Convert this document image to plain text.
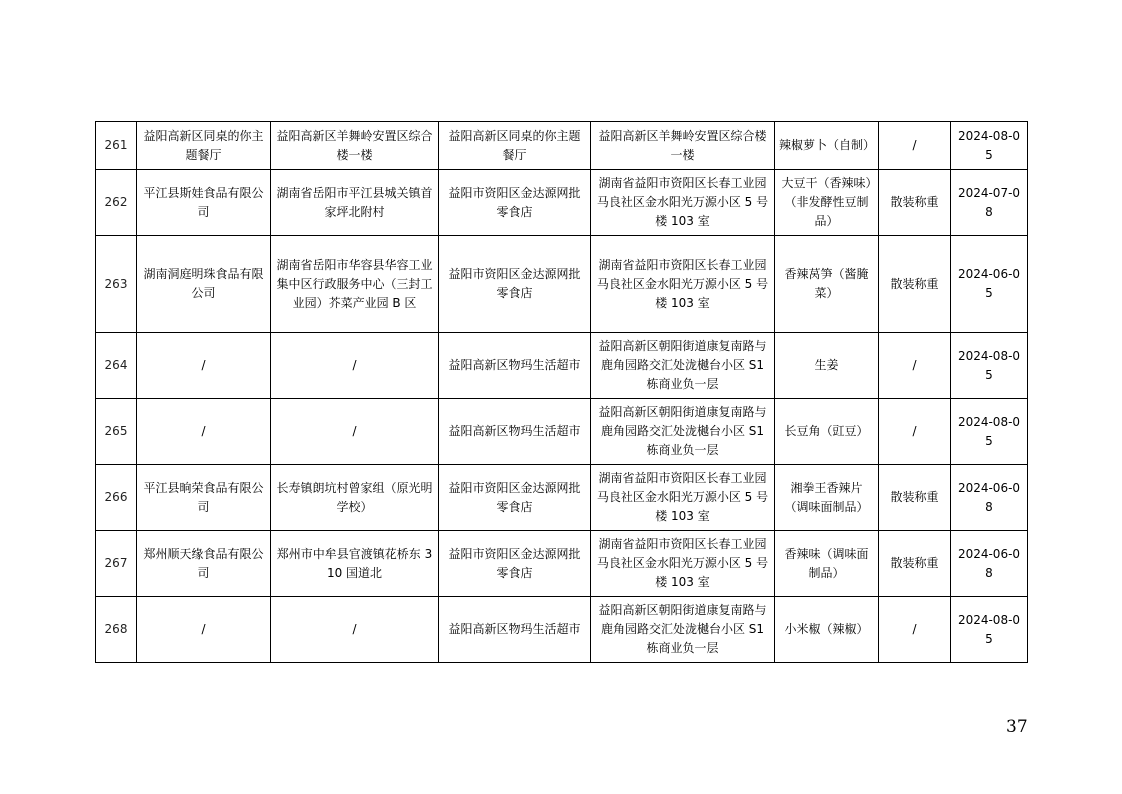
261	益阳高新区同桌的你主题餐厅	益阳高新区羊舞岭安置区综合楼一楼	益阳高新区同桌的你主题餐厅	益阳高新区羊舞岭安置区综合楼一楼	辣椒萝卜（自制）	/	2024-08-05
262	平江县斯娃食品有限公司	湖南省岳阳市平江县城关镇首家坪北附村	益阳市资阳区金达源网批零食店	湖南省益阳市资阳区长春工业园马良社区金水阳光万源小区 5 号楼 103 室	大豆干（香辣味）（非发酵性豆制品）	散装称重	2024-07-08
263	湖南洞庭明珠食品有限公司	湖南省岳阳市华容县华容工业集中区行政服务中心（三封工业园）芥菜产业园 B 区	益阳市资阳区金达源网批零食店	湖南省益阳市资阳区长春工业园马良社区金水阳光万源小区 5 号楼 103 室	香辣莴笋（酱腌菜）	散装称重	2024-06-05
264	/	/	益阳高新区物玛生活超市	益阳高新区朝阳街道康复南路与鹿角园路交汇处泷樾台小区 S1 栋商业负一层	生姜	/	2024-08-05
265	/	/	益阳高新区物玛生活超市	益阳高新区朝阳街道康复南路与鹿角园路交汇处泷樾台小区 S1 栋商业负一层	长豆角（豇豆）	/	2024-08-05
266	平江县晌荣食品有限公司	长寿镇朗坑村曾家组（原光明学校）	益阳市资阳区金达源网批零食店	湖南省益阳市资阳区长春工业园马良社区金水阳光万源小区 5 号楼 103 室	湘拳王香辣片（调味面制品）	散装称重	2024-06-08
267	郑州顺天缘食品有限公司	郑州市中牟县官渡镇花桥东 310 国道北	益阳市资阳区金达源网批零食店	湖南省益阳市资阳区长春工业园马良社区金水阳光万源小区 5 号楼 103 室	香辣味（调味面制品）	散装称重	2024-06-08
268	/	/	益阳高新区物玛生活超市	益阳高新区朝阳街道康复南路与鹿角园路交汇处泷樾台小区 S1 栋商业负一层	小米椒（辣椒）	/	2024-08-05
37
